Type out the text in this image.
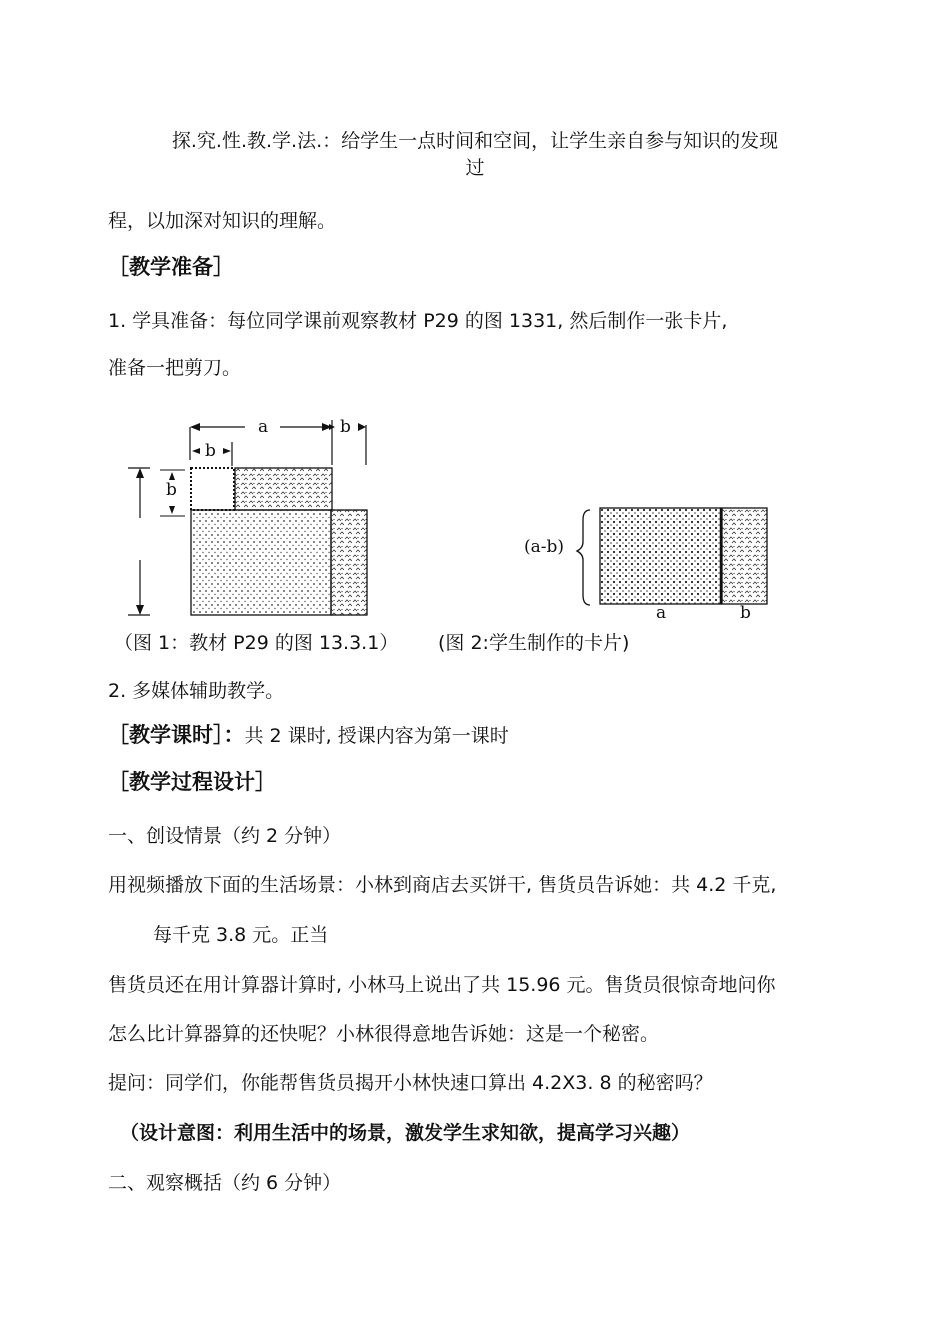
探.究.性.教.学.法.：给学生一点时间和空间，让学生亲自参与知识的发现
过
程，以加深对知识的理解。
［教学准备］
1. 学具准备：每位同学课前观察教材 P29 的图 1331, 然后制作一张卡片,
准备一把剪刀。
a	b
b
b
(a-b)
a	b
（图 1：教材 P29 的图 13.3.1） (图 2:学生制作的卡片)
2. 多媒体辅助教学。
［教学课时］：共 2 课时, 授课内容为第一课时
［教学过程设计］
一、创设情景（约 2 分钟）
用视频播放下面的生活场景：小林到商店去买饼干, 售货员告诉她：共 4.2 千克,
每千克 3.8 元。正当
售货员还在用计算器计算时, 小林马上说出了共 15.96 元。售货员很惊奇地问你
怎么比计算器算的还快呢？小林很得意地告诉她：这是一个秘密。
提问：同学们，你能帮售货员揭开小林快速口算出 4.2X3. 8 的秘密吗？
（设计意图：利用生活中的场景，激发学生求知欲，提高学习兴趣）
二、观察概括（约 6 分钟）
